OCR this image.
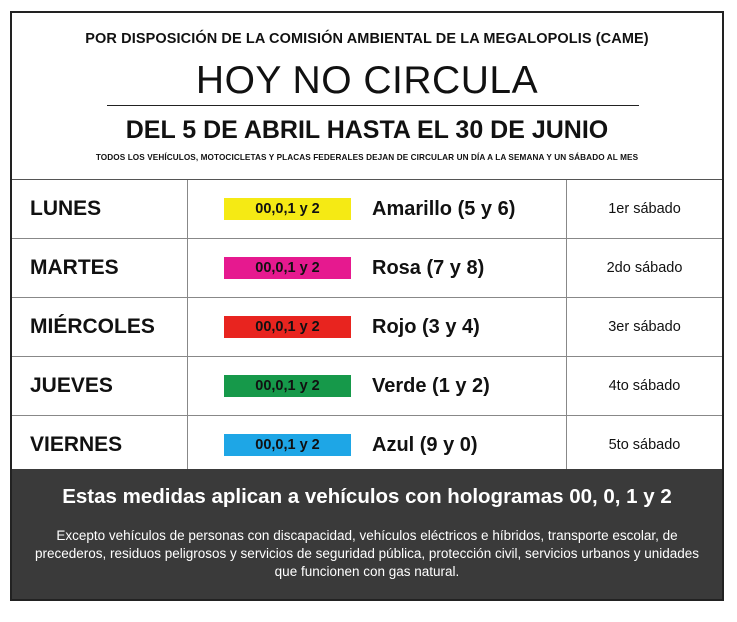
POR DISPOSICIÓN DE LA COMISIÓN AMBIENTAL DE LA MEGALOPOLIS (CAME)
HOY NO CIRCULA
DEL 5 DE ABRIL HASTA EL 30 DE JUNIO
TODOS LOS VEHÍCULOS, MOTOCICLETAS Y PLACAS FEDERALES DEJAN DE CIRCULAR UN DÍA A LA SEMANA Y UN SÁBADO AL MES
LUNES	00,0,1 y 2	Amarillo (5 y 6)	1er sábado
MARTES	00,0,1 y 2	Rosa (7 y 8)	2do sábado
MIÉRCOLES	00,0,1 y 2	Rojo (3 y 4)	3er sábado
JUEVES	00,0,1 y 2	Verde (1 y 2)	4to sábado
VIERNES	00,0,1 y 2	Azul (9 y 0)	5to sábado
Estas medidas aplican a vehículos con hologramas 00, 0, 1 y 2
Excepto vehículos de personas con discapacidad, vehículos eléctricos e híbridos, transporte escolar, de precederos, residuos peligrosos y servicios de seguridad pública, protección civil, servicios urbanos y unidades que funcionen con gas natural.
